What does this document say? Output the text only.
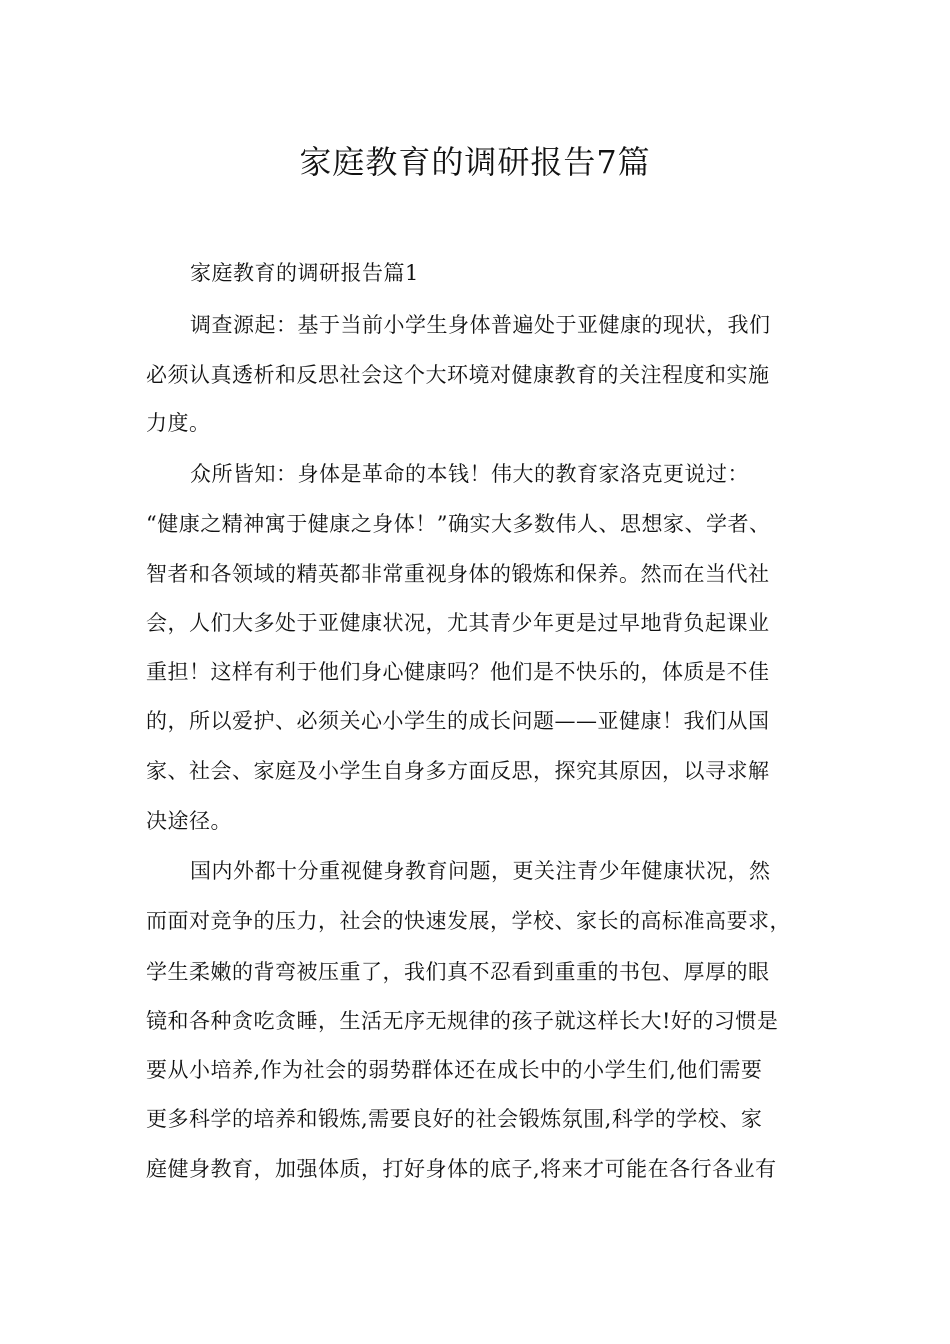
家庭教育的调研报告7篇
家庭教育的调研报告篇1
调查源起：基于当前小学生身体普遍处于亚健康的现状，我们
必须认真透析和反思社会这个大环境对健康教育的关注程度和实施
力度。
众所皆知：身体是革命的本钱！伟大的教育家洛克更说过：
“健康之精神寓于健康之身体！”确实大多数伟人、思想家、学者、
智者和各领域的精英都非常重视身体的锻炼和保养。然而在当代社
会，人们大多处于亚健康状况，尤其青少年更是过早地背负起课业
重担！这样有利于他们身心健康吗？他们是不快乐的，体质是不佳
的，所以爱护、必须关心小学生的成长问题——亚健康！我们从国
家、社会、家庭及小学生自身多方面反思，探究其原因，以寻求解
决途径。
国内外都十分重视健身教育问题，更关注青少年健康状况，然
而面对竞争的压力，社会的快速发展，学校、家长的高标准高要求，
学生柔嫩的背弯被压重了，我们真不忍看到重重的书包、厚厚的眼
镜和各种贪吃贪睡，生活无序无规律的孩子就这样长大!好的习惯是
要从小培养,作为社会的弱势群体还在成长中的小学生们,他们需要
更多科学的培养和锻炼,需要良好的社会锻炼氛围,科学的学校、家
庭健身教育，加强体质，打好身体的底子,将来才可能在各行各业有
